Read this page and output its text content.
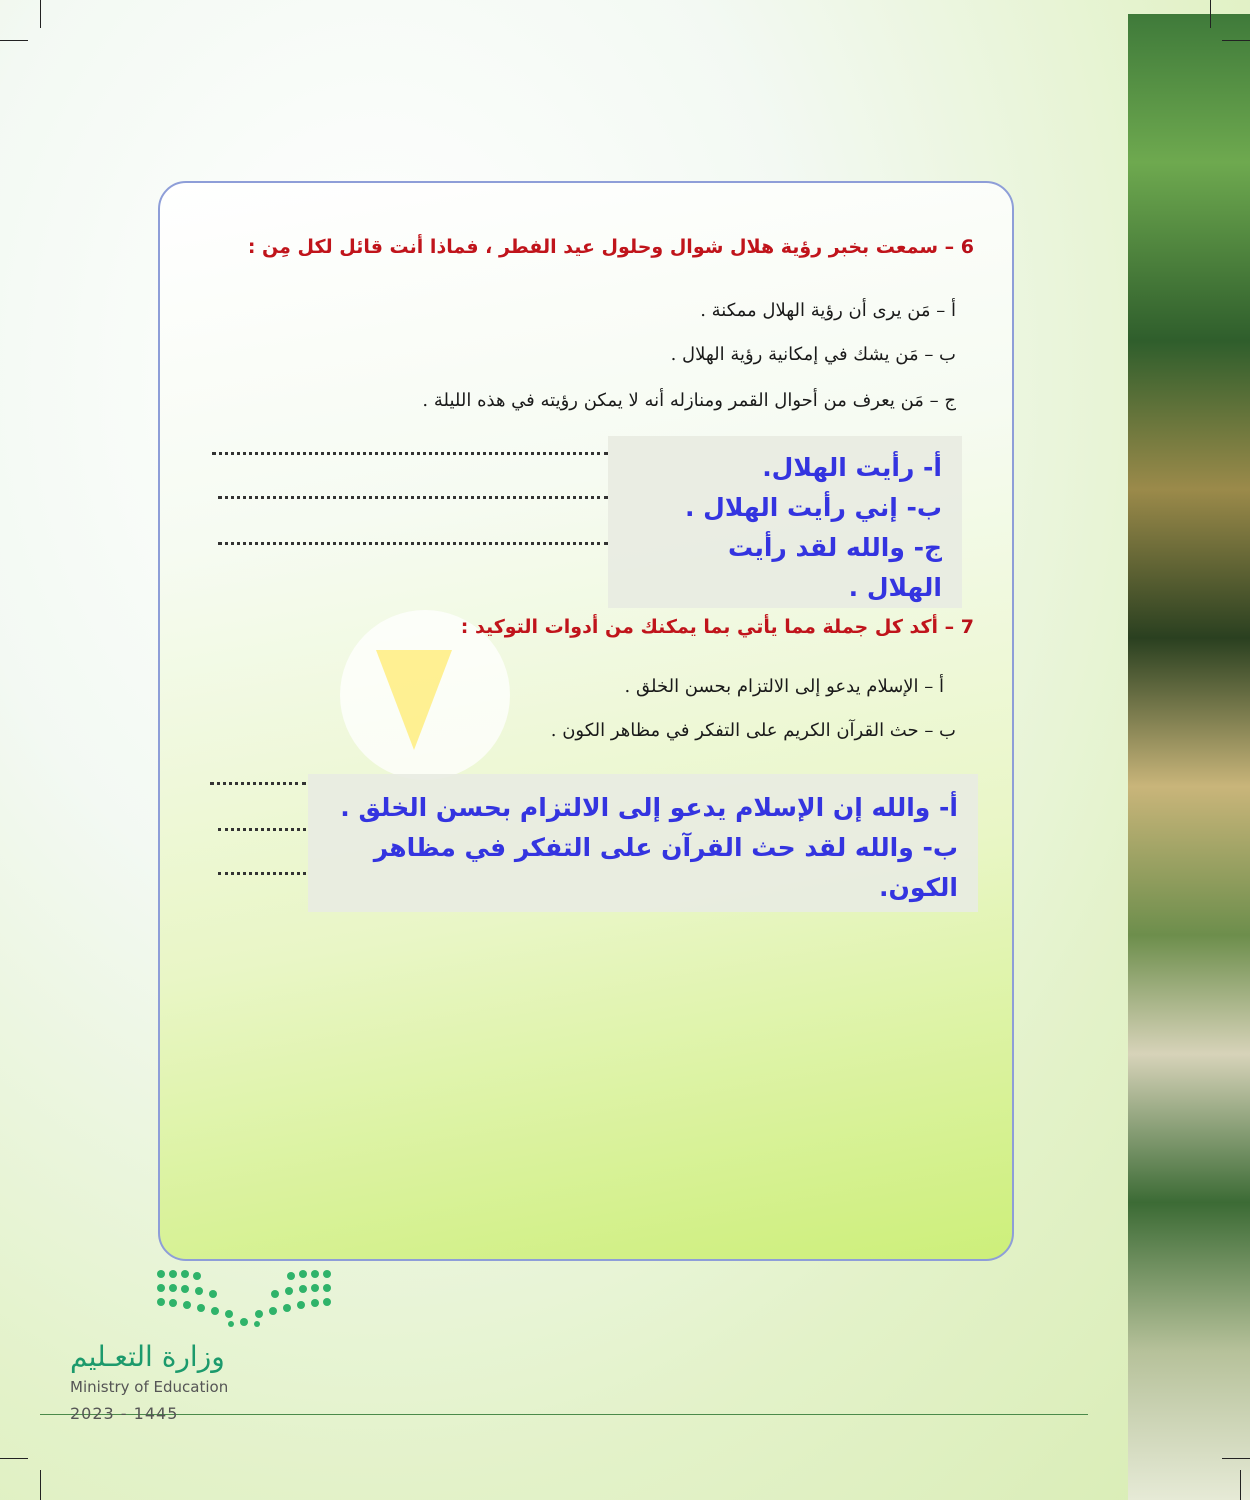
6 – سمعت بخبر رؤية هلال شوال وحلول عيد الفطر ، فماذا أنت قائل لكل مِن :
أ – مَن يرى أن رؤية الهلال ممكنة .
ب – مَن يشك في إمكانية رؤية الهلال .
ج – مَن يعرف من أحوال القمر ومنازله أنه لا يمكن رؤيته في هذه الليلة .
أ- رأيت الهلال.
ب- إني رأيت الهلال .
ج- والله لقد رأيت
الهلال .
7 – أكد كل جملة مما يأتي بما يمكنك من أدوات التوكيد :
أ – الإسلام يدعو إلى الالتزام بحسن الخلق .
ب – حث القرآن الكريم على التفكر في مظاهر الكون .
أ- والله إن الإسلام يدعو إلى الالتزام بحسن الخلق .
ب- والله لقد حث القرآن على التفكر في مظاهر
الكون.
وزارة التعـليم
Ministry of Education
2023 - 1445
